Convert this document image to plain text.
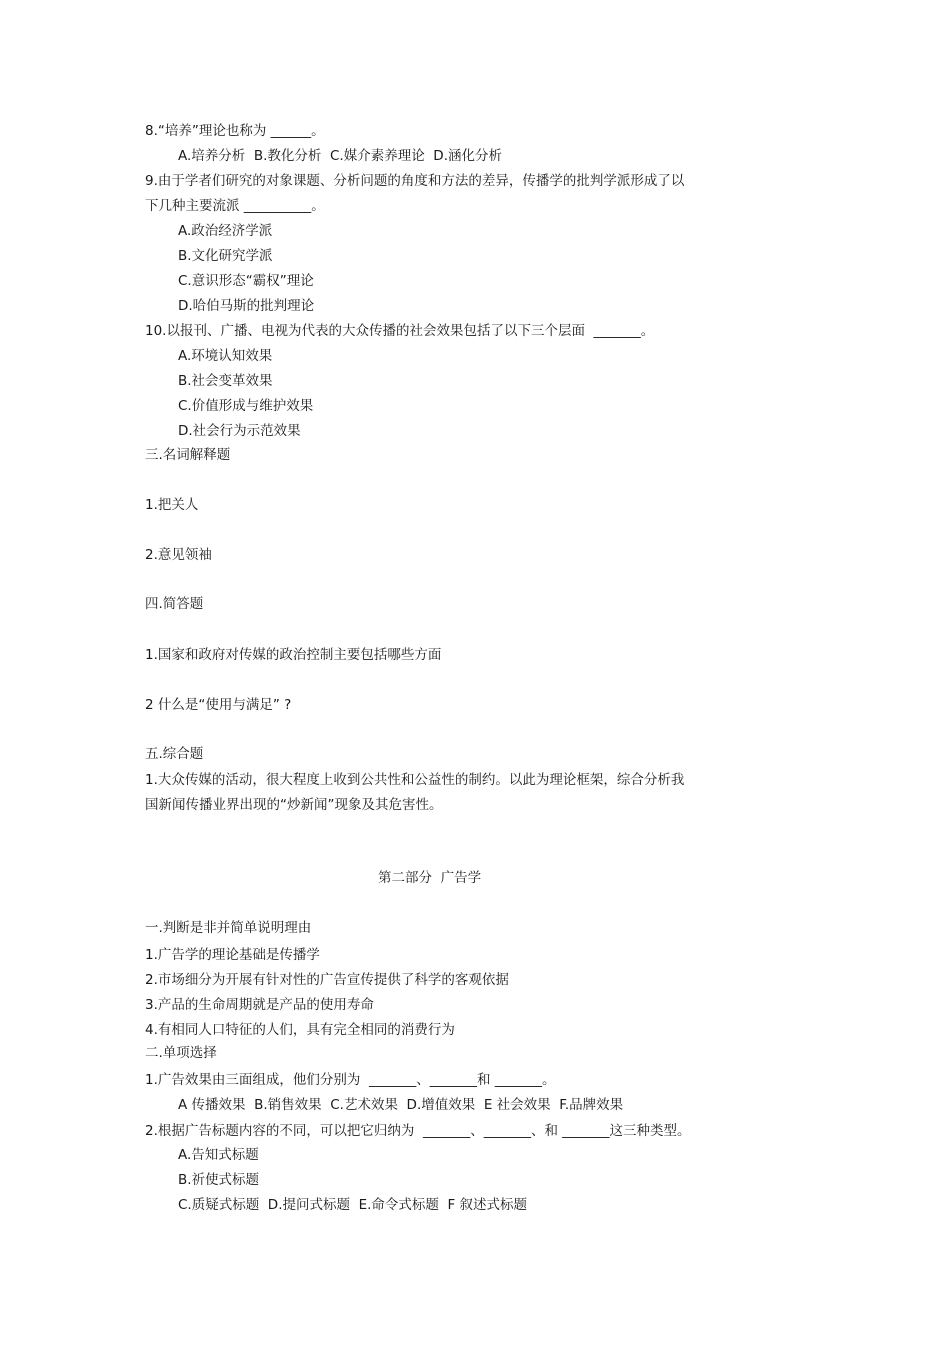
8.“培养”理论也称为 ______。
A.培养分析  B.教化分析  C.媒介素养理论  D.涵化分析
9.由于学者们研究的对象课题、分析问题的角度和方法的差异，传播学的批判学派形成了以
下几种主要流派 __________。
A.政治经济学派
B.文化研究学派
C.意识形态“霸权”理论
D.哈伯马斯的批判理论
10.以报刊、广播、电视为代表的大众传播的社会效果包括了以下三个层面  _______。
A.环境认知效果
B.社会变革效果
C.价值形成与维护效果
D.社会行为示范效果
三.名词解释题
1.把关人
2.意见领袖
四.简答题
1.国家和政府对传媒的政治控制主要包括哪些方面
2 什么是“使用与满足” ?
五.综合题
1.大众传媒的活动，很大程度上收到公共性和公益性的制约。以此为理论框架，综合分析我
国新闻传播业界出现的“炒新闻”现象及其危害性。
第二部分  广告学
一.判断是非并简单说明理由
1.广告学的理论基础是传播学
2.市场细分为开展有针对性的广告宣传提供了科学的客观依据
3.产品的生命周期就是产品的使用寿命
4.有相同人口特征的人们，具有完全相同的消费行为
二.单项选择
1.广告效果由三面组成，他们分别为  _______、_______和 _______。
A 传播效果  B.销售效果  C.艺术效果  D.增值效果  E 社会效果  F.品牌效果
2.根据广告标题内容的不同，可以把它归纳为  _______、_______、和 _______这三种类型。
A.告知式标题
B.祈使式标题
C.质疑式标题  D.提问式标题  E.命令式标题  F 叙述式标题
